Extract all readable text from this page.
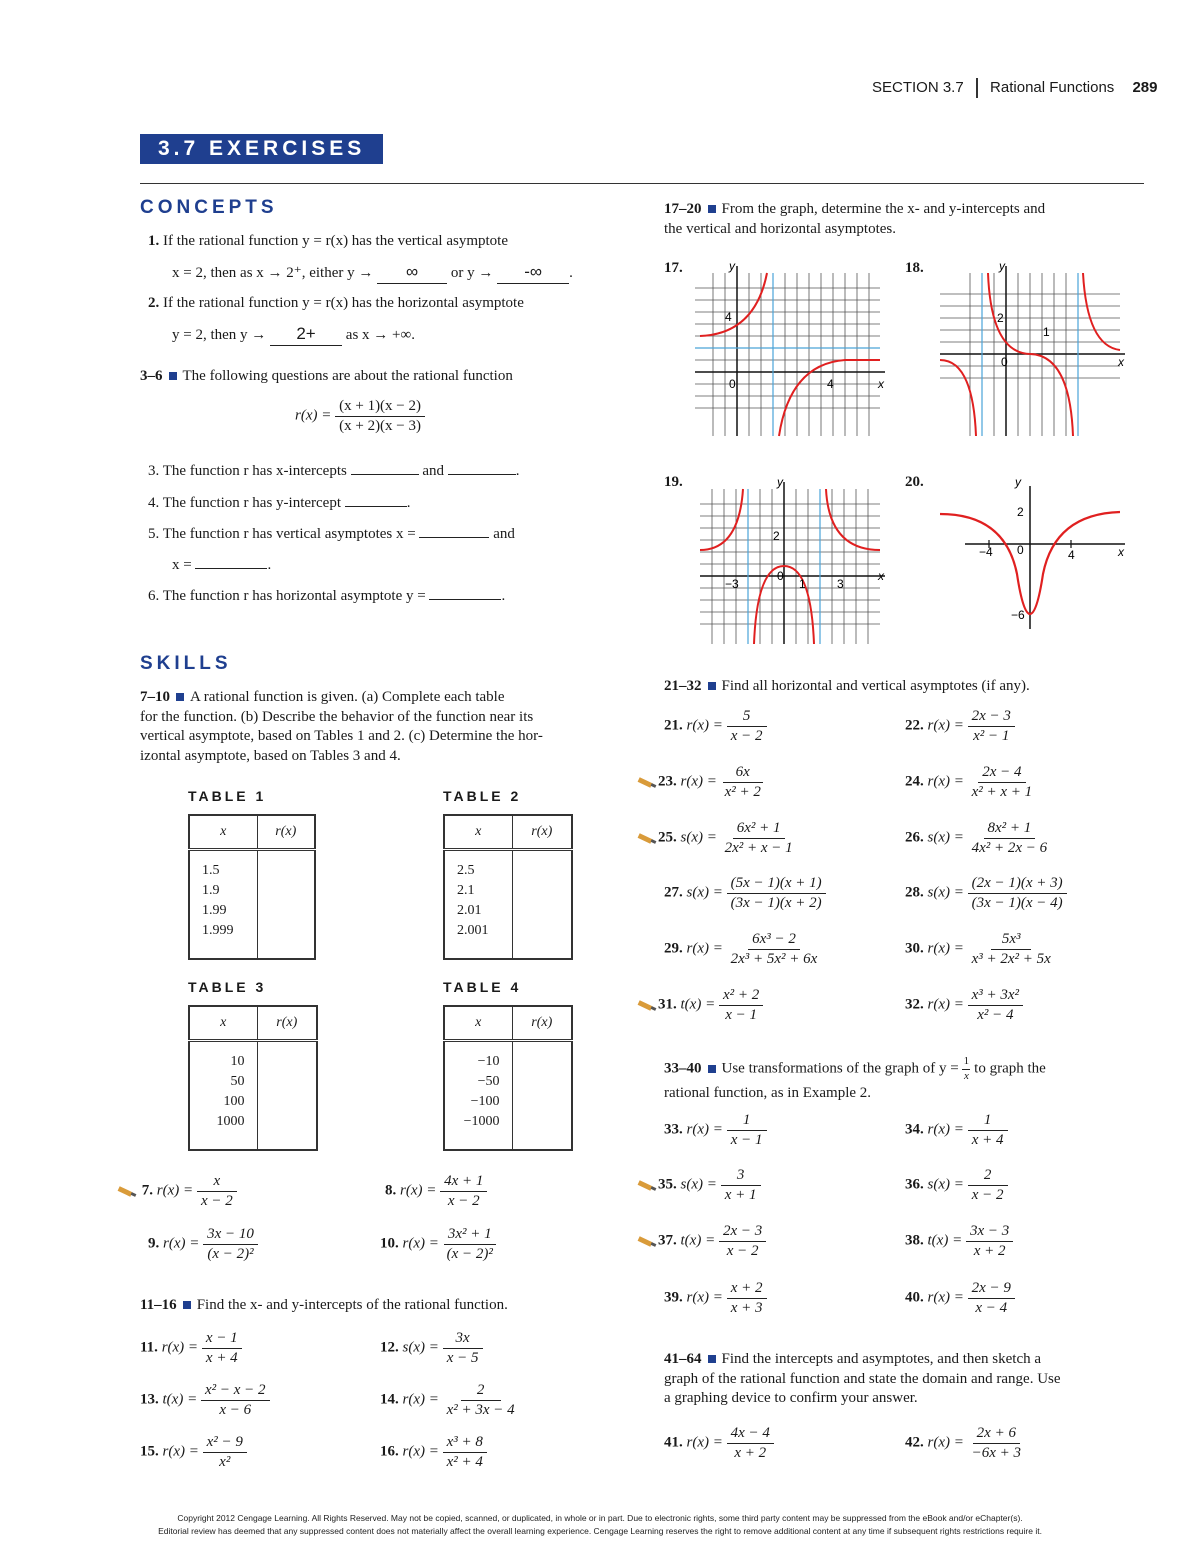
SECTION 3.7 Rational Functions 289
3.7 EXERCISES
CONCEPTS
1. If the rational function y = r(x) has the vertical asymptote
x = 2, then as x → 2⁺, either y → ∞ or y → -∞ .
2. If the rational function y = r(x) has the horizontal asymptote
y = 2, then y → 2+ as x → +∞.
3–6 The following questions are about the rational function
$r(x) = \frac{(x + 1)(x - 2)}{(x + 2)(x - 3)}$
3. The function r has x-intercepts	and	.
4. The function r has y-intercept	.
5. The function r has vertical asymptotes x =	and
x =	.
6. The function r has horizontal asymptote y =	.
SKILLS
7–10 A rational function is given. (a) Complete each table
for the function. (b) Describe the behavior of the function near its
vertical asymptote, based on Tables 1 and 2. (c) Determine the hor-
izontal asymptote, based on Tables 3 and 4.
TABLE 1
x	r(x)

1.5
1.9
1.99
1.999	

TABLE 2
x	r(x)

2.5
2.1
2.01
2.001	

TABLE 3
x	r(x)

10
50
100
1000	

TABLE 4
x	r(x)

−10
−50
−100
−1000	

7. $r(x) = \frac{x}{x - 2}$	8. $r(x) = \frac{4x + 1}{x - 2}$
9. $r(x) = \frac{3x - 10}{\text{(x − 2)²}}$	10. $r(x) = \frac{\text{3x² + 1}}{\text{(x − 2)²}}$
11–16 Find the x- and y-intercepts of the rational function.
11. $r(x) = \frac{x - 1}{x + 4}$	12. $s(x) = \frac{3x}{x - 5}$
13. $t(x) = \frac{\text{x² − x − 2}}{x - 6}$	14. $r(x) = \frac{2}{\text{x² + 3x − 4}}$
15. $r(x) = \frac{\text{x² − 9}}{\text{x²}}$	16. $r(x) = \frac{\text{x³ + 8}}{\text{x² + 4}}$
17–20 From the graph, determine the x- and y-intercepts and
the vertical and horizontal asymptotes.
17.	18.
19.	20.
y
4
0	4	x
y
2
0
1
x
y
2
−3
0
1	3
x
y
2
0
−4	4
−6
x
21–32 Find all horizontal and vertical asymptotes (if any).
21. $r(x) = \frac{5}{x - 2}$	22. $r(x) = \frac{2x - 3}{\text{x² − 1}}$
23. $r(x) = \frac{6x}{\text{x² + 2}}$	24. $r(x) = \frac{2x - 4}{\text{x² + x + 1}}$
25. $s(x) = \frac{\text{6x² + 1}}{\text{2x² + x − 1}}$	26. $s(x) = \frac{\text{8x² + 1}}{\text{4x² + 2x − 6}}$
27. $s(x) = \frac{(5x - 1)(x + 1)}{(3x - 1)(x + 2)}$	28. $s(x) = \frac{(2x - 1)(x + 3)}{(3x - 1)(x - 4)}$
29. $r(x) = \frac{\text{6x³ − 2}}{\text{2x³ + 5x² + 6x}}$	30. $r(x) = \frac{\text{5x³}}{\text{x³ + 2x² + 5x}}$
31. $t(x) = \frac{\text{x² + 2}}{x - 1}$	32. $r(x) = \frac{\text{x³ + 3x²}}{\text{x² − 4}}$
33–40 Use transformations of the graph of $y = \frac{1}{x}$ to graph the
rational function, as in Example 2.
33. $r(x) = \frac{1}{x - 1}$	34. $r(x) = \frac{1}{x + 4}$
35. $s(x) = \frac{3}{x + 1}$	36. $s(x) = \frac{2}{x - 2}$
37. $t(x) = \frac{2x - 3}{x - 2}$	38. $t(x) = \frac{3x - 3}{x + 2}$
39. $r(x) = \frac{x + 2}{x + 3}$	40. $r(x) = \frac{2x - 9}{x - 4}$
41–64 Find the intercepts and asymptotes, and then sketch a
graph of the rational function and state the domain and range. Use
a graphing device to confirm your answer.
41. $r(x) = \frac{4x - 4}{x + 2}$	42. $r(x) = \frac{2x + 6}{-6x + 3}$
Copyright 2012 Cengage Learning. All Rights Reserved. May not be copied, scanned, or duplicated, in whole or in part. Due to electronic rights, some third party content may be suppressed from the eBook and/or eChapter(s).
Editorial review has deemed that any suppressed content does not materially affect the overall learning experience. Cengage Learning reserves the right to remove additional content at any time if subsequent rights restrictions require it.
